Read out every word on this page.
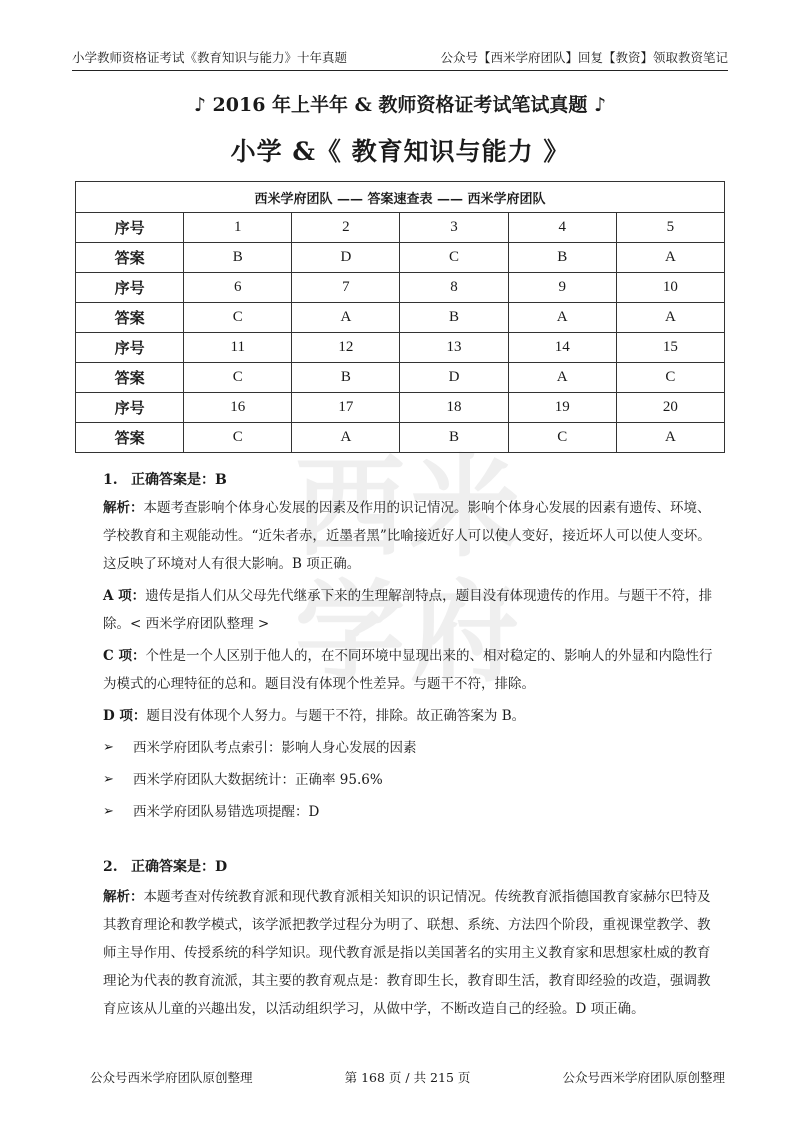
小学教师资格证考试《教育知识与能力》十年真题	公众号【西米学府团队】回复【教资】领取教资笔记
西 米
学 府
♪ 2016 年上半年 & 教师资格证考试笔试真题 ♪
小学 &《 教育知识与能力 》
西米学府团队 —— 答案速查表 —— 西米学府团队					
序号	1	2	3	4	5
答案	B	D	C	B	A
序号	6	7	8	9	10
答案	C	A	B	A	A
序号	11	12	13	14	15
答案	C	B	D	A	C
序号	16	17	18	19	20
答案	C	A	B	C	A
1. 正确答案是：B

解析：本题考查影响个体身心发展的因素及作用的识记情况。影响个体身心发展的因素有遗传、环境、学校教育和主观能动性。“近朱者赤，近墨者黑”比喻接近好人可以使人变好，接近坏人可以使人变坏。这反映了环境对人有很大影响。B 项正确。

A 项：遗传是指人们从父母先代继承下来的生理解剖特点，题目没有体现遗传的作用。与题干不符，排除。< 西米学府团队整理 >

C 项：个性是一个人区别于他人的，在不同环境中显现出来的、相对稳定的、影响人的外显和内隐性行为模式的心理特征的总和。题目没有体现个性差异。与题干不符，排除。

D 项：题目没有体现个人努力。与题干不符，排除。故正确答案为 B。

➢	西米学府团队考点索引：影响人身心发展的因素
➢	西米学府团队大数据统计：正确率 95.6%
➢	西米学府团队易错选项提醒：D
2. 正确答案是：D

解析：本题考查对传统教育派和现代教育派相关知识的识记情况。传统教育派指德国教育家赫尔巴特及其教育理论和教学模式，该学派把教学过程分为明了、联想、系统、方法四个阶段，重视课堂教学、教师主导作用、传授系统的科学知识。现代教育派是指以美国著名的实用主义教育家和思想家杜威的教育理论为代表的教育流派，其主要的教育观点是：教育即生长，教育即生活，教育即经验的改造，强调教育应该从儿童的兴趣出发，以活动组织学习，从做中学，不断改造自己的经验。D 项正确。

公众号西米学府团队原创整理	第 168 页 / 共 215 页	公众号西米学府团队原创整理
